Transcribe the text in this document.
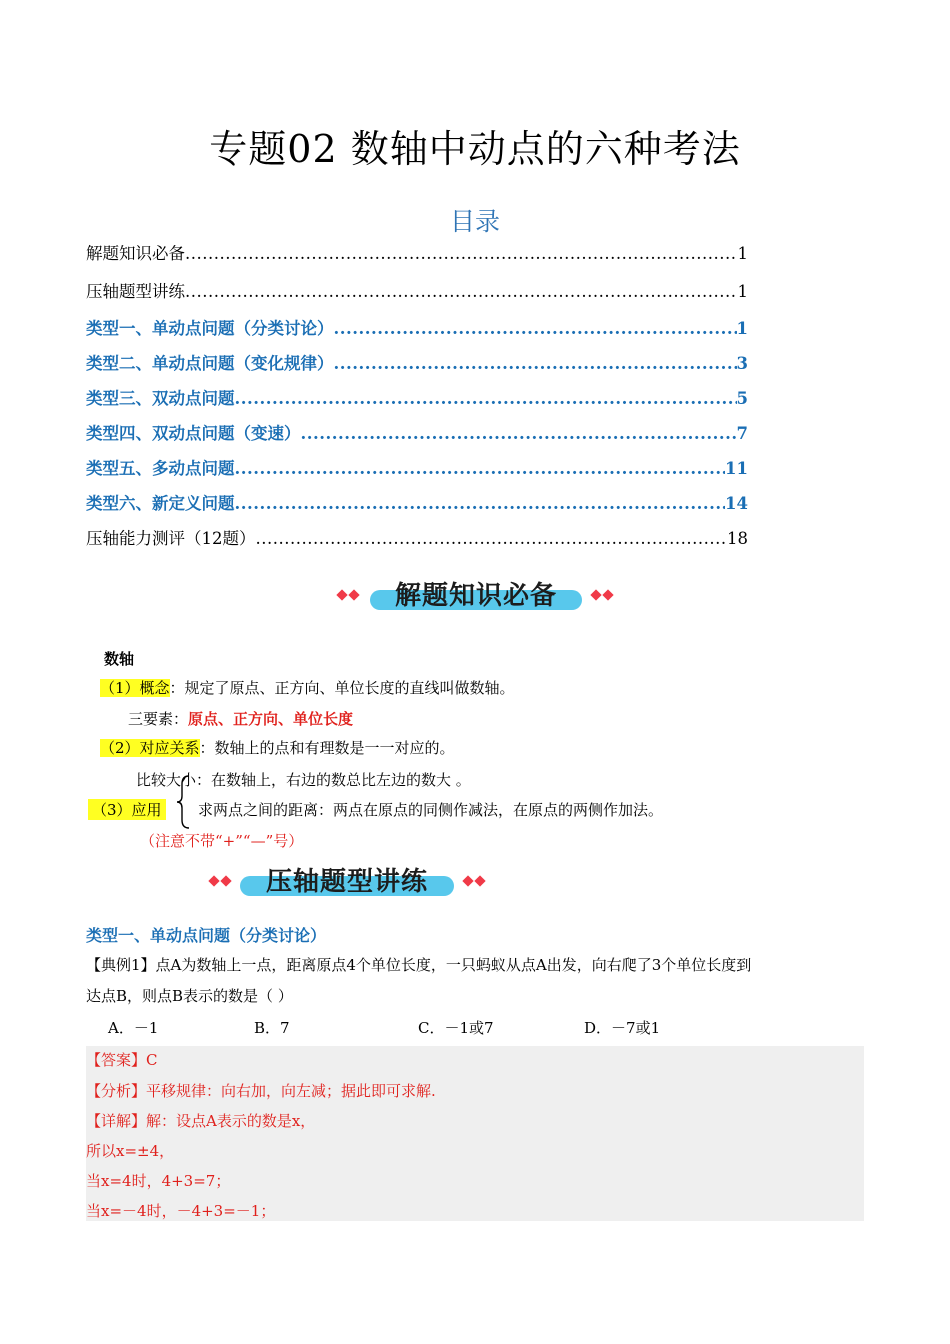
专题02 数轴中动点的六种考法
目录
解题知识必备 .....	1
压轴题型讲练 .....	1
类型一、单动点问题（分类讨论） .....	1
类型二、单动点问题（变化规律） .....	3
类型三、双动点问题 .....	5
类型四、双动点问题（变速） .....	7
类型五、多动点问题 .....	11
类型六、新定义问题 .....	14
压轴能力测评（12题） .....	18
解题知识必备
数轴
（1）概念：规定了原点、正方向、单位长度的直线叫做数轴。
三要素：原点、正方向、单位长度
（2）对应关系：数轴上的点和有理数是一一对应的。
比较大小：在数轴上，右边的数总比左边的数大 。
（3）应用 求两点之间的距离：两点在原点的同侧作减法，在原点的两侧作加法。
（注意不带“+”“—”号）
压轴题型讲练
类型一、单动点问题（分类讨论）
【典例1】点A为数轴上一点，距离原点4个单位长度，一只蚂蚁从点A出发，向右爬了3个单位长度到
达点B，则点B表示的数是（ ）
A．－1	B．7	C．－1或7	D．－7或1
【答案】C
【分析】平移规律：向右加，向左减；据此即可求解.
【详解】解：设点A表示的数是x，
所以x=±4，
当x=4时，4+3=7；
当x=－4时，－4+3=－1；
